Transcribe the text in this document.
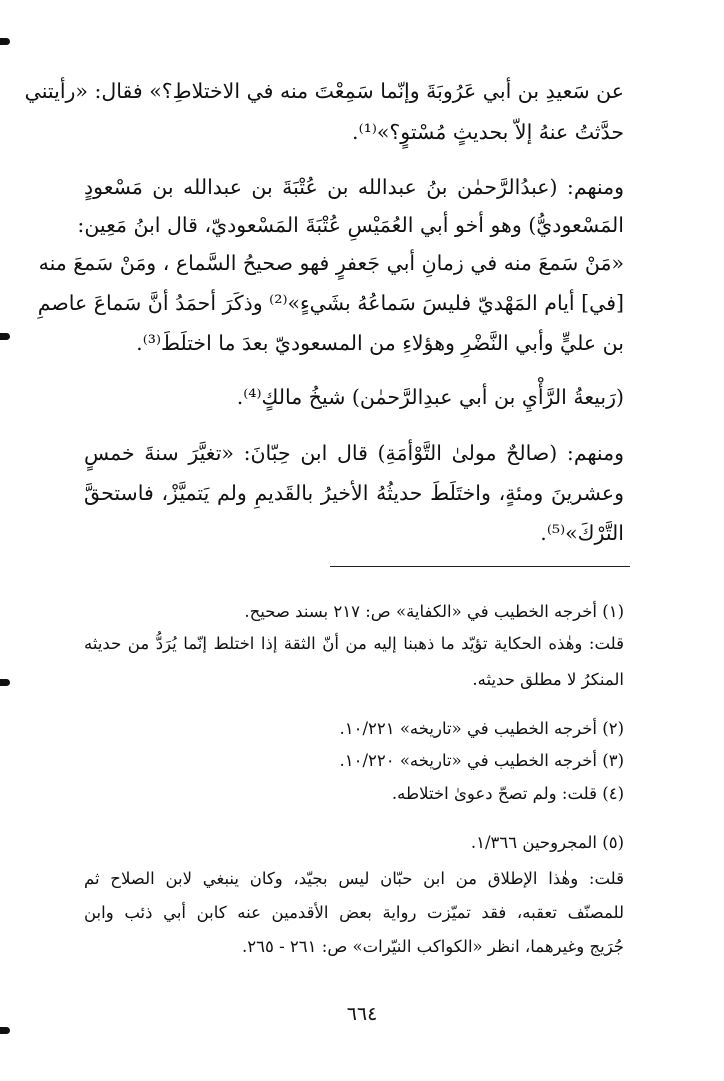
عن سَعيدِ بن أبي عَرُوبَةَ وإنّما سَمِعْتَ منه في الاختلاطِ؟» فقال: «رأيتني
حدَّثتُ عنهُ إلاّ بحديثٍ مُسْتوٍ؟»⁽¹⁾.
ومنهم: (عبدُالرَّحمٰن بنُ عبدالله بن عُتْبَةَ بن عبدالله بن مَسْعودٍ
المَسْعوديُّ) وهو أخو أبي العُمَيْسِ عُتْبَةَ المَسْعوديّ، قال ابنُ مَعِين:
«مَنْ سَمعَ منه في زمانِ أبي جَعفرٍ فهو صحيحُ السَّماع ، ومَنْ سَمعَ منه
[في] أيام المَهْديّ فليسَ سَماعُهُ بشَيءٍ»⁽²⁾ وذكَرَ أحمَدُ أنَّ سَماعَ عاصمِ
بن عليٍّ وأبي النَّضْرِ وهؤلاءِ من المسعوديّ بعدَ ما اختلَطَ⁽³⁾.
(رَبيعةُ الرَّأْيِ بن أبي عبدِالرَّحمٰن) شيخُ مالكٍ⁽⁴⁾.
ومنهم: (صالحٌ مولىٰ التَّوْأمَةِ) قال ابن حِبّانَ: «تغيَّرَ سنةَ خمسٍ
وعشرينَ ومئةٍ، واختَلَطَ حديثُهُ الأخيرُ بالقَديمِ ولم يَتميَّزْ، فاستحقَّ
التَّرْكَ»⁽⁵⁾.
(١) أخرجه الخطيب في «الكفاية» ص: ٢١٧ بسند صحيح.
قلت: وهٰذه الحكاية تؤيّد ما ذهبنا إليه من أنّ الثقة إذا اختلط إنّما يُرَدُّ من حديثه
المنكرُ لا مطلق حديثه.
(٢) أخرجه الخطيب في «تاريخه» ١٠/٢٢١.
(٣) أخرجه الخطيب في «تاريخه» ١٠/٢٢٠.
(٤) قلت: ولم تصحّ دعوىٰ اختلاطه.
(٥) المجروحين ١/٣٦٦.
قلت: وهٰذا الإطلاق من ابن حبّان ليس بجيّد، وكان ينبغي لابن الصلاح ثم
للمصنّف تعقبه، فقد تميّزت رواية بعض الأقدمين عنه كابن أبي ذئب وابن
جُرَيج وغيرهما، انظر «الكواكب النيّرات» ص: ٢٦١ - ٢٦٥.
٦٦٤
